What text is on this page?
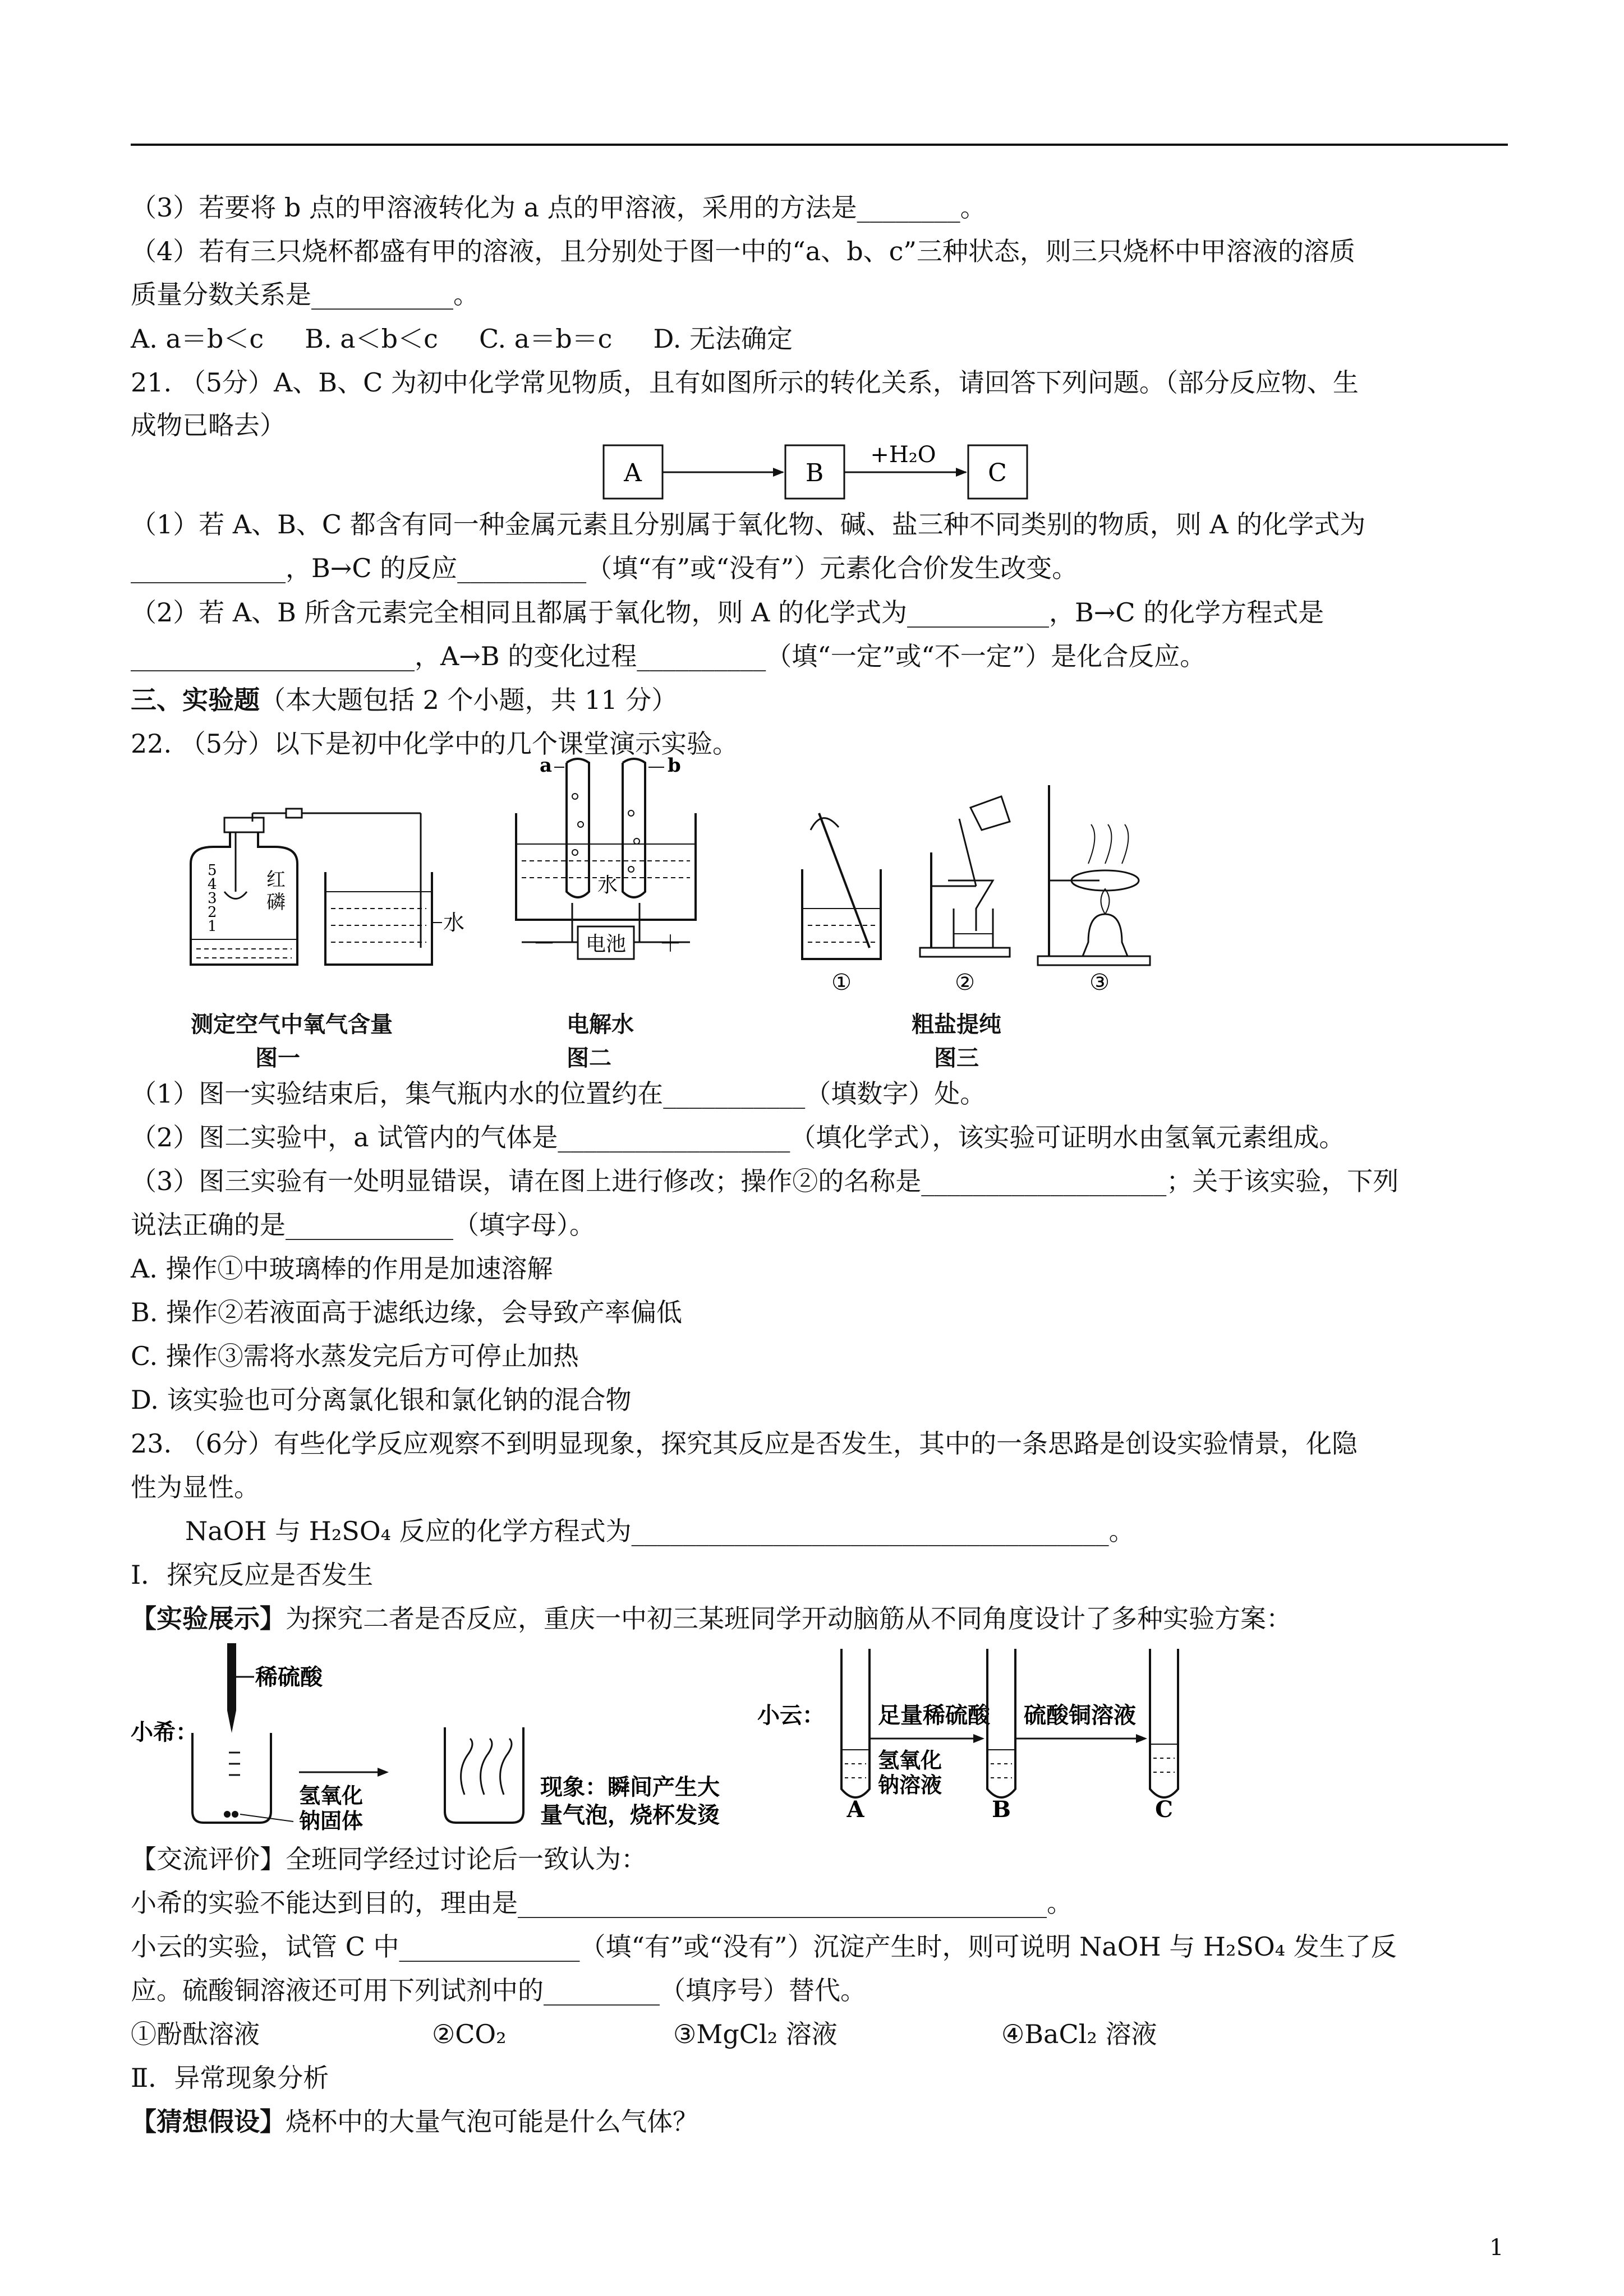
（3）若要将 b 点的甲溶液转化为 a 点的甲溶液，采用的方法是________。
（4）若有三只烧杯都盛有甲的溶液，且分别处于图一中的“a、b、c”三种状态，则三只烧杯中甲溶液的溶质
质量分数关系是___________。
A. a＝b＜c     B. a＜b＜c     C. a＝b＝c     D. 无法确定
21. （5分）A、B、C 为初中化学常见物质，且有如图所示的转化关系，请回答下列问题。（部分反应物、生
成物已略去）
A	B
+H₂O
C
（1）若 A、B、C 都含有同一种金属元素且分别属于氧化物、碱、盐三种不同类别的物质，则 A 的化学式为
____________，B→C 的反应__________（填“有”或“没有”）元素化合价发生改变。
（2）若 A、B 所含元素完全相同且都属于氧化物，则 A 的化学式为___________，B→C 的化学方程式是
______________________，A→B 的变化过程__________（填“一定”或“不一定”）是化合反应。
三、实验题（本大题包括 2 个小题，共 11 分）
22. （5分）以下是初中化学中的几个课堂演示实验。
5
4
3
2
1
红
磷
水
a	b
水
电池
－	＋
①	②	③
测定空气中氧气含量
图一
电解水
图二
粗盐提纯
图三
（1）图一实验结束后，集气瓶内水的位置约在___________（填数字）处。
（2）图二实验中，a 试管内的气体是__________________（填化学式），该实验可证明水由氢氧元素组成。
（3）图三实验有一处明显错误，请在图上进行修改；操作②的名称是___________________；关于该实验，下列
说法正确的是_____________（填字母）。
A. 操作①中玻璃棒的作用是加速溶解
B. 操作②若液面高于滤纸边缘，会导致产率偏低
C. 操作③需将水蒸发完后方可停止加热
D. 该实验也可分离氯化银和氯化钠的混合物
23. （6分）有些化学反应观察不到明显现象，探究其反应是否发生，其中的一条思路是创设实验情景，化隐
性为显性。
NaOH 与 H₂SO₄ 反应的化学方程式为_____________________________________。
Ⅰ．探究反应是否发生
【实验展示】为探究二者是否反应，重庆一中初三某班同学开动脑筋从不同角度设计了多种实验方案：
稀硫酸
小希：
氢氧化
钠固体
现象：瞬间产生大
量气泡，烧杯发烫
小云： 足量稀硫酸
氢氧化
钠溶液
A	B
硫酸铜溶液
C
【交流评价】全班同学经过讨论后一致认为：
小希的实验不能达到目的，理由是_________________________________________。
小云的实验，试管 C 中______________（填“有”或“没有”）沉淀产生时，则可说明 NaOH 与 H₂SO₄ 发生了反
应。硫酸铜溶液还可用下列试剂中的_________（填序号）替代。
①酚酞溶液	②CO₂	③MgCl₂ 溶液	④BaCl₂ 溶液
Ⅱ．异常现象分析
【猜想假设】烧杯中的大量气泡可能是什么气体？
1
